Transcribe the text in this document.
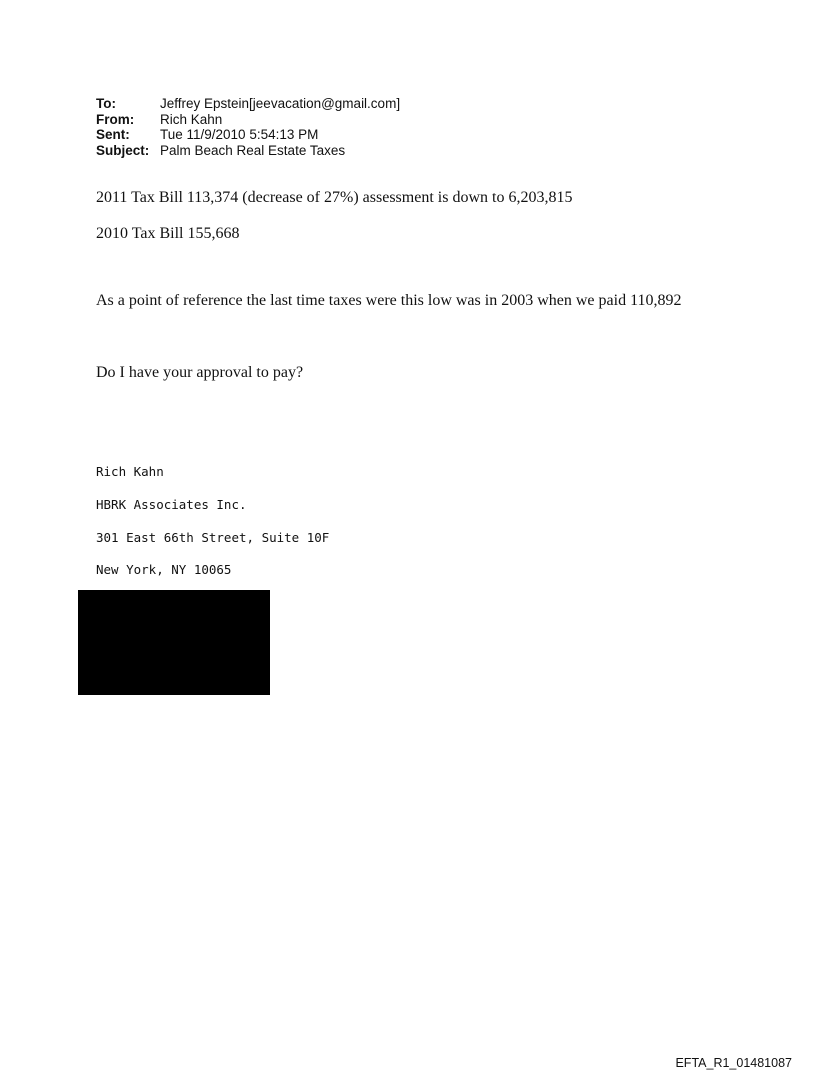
To:	Jeffrey Epstein[jeevacation@gmail.com]
From:	Rich Kahn
Sent:	Tue 11/9/2010 5:54:13 PM
Subject: Palm Beach Real Estate Taxes
2011 Tax Bill 113,374 (decrease of 27%) assessment is down to 6,203,815
2010 Tax Bill 155,668
As a point of reference the last time taxes were this low was in 2003 when we paid 110,892
Do I have your approval to pay?
Rich Kahn
HBRK Associates Inc.
301 East 66th Street, Suite 10F
New York, NY 10065
EFTA_R1_01481087
